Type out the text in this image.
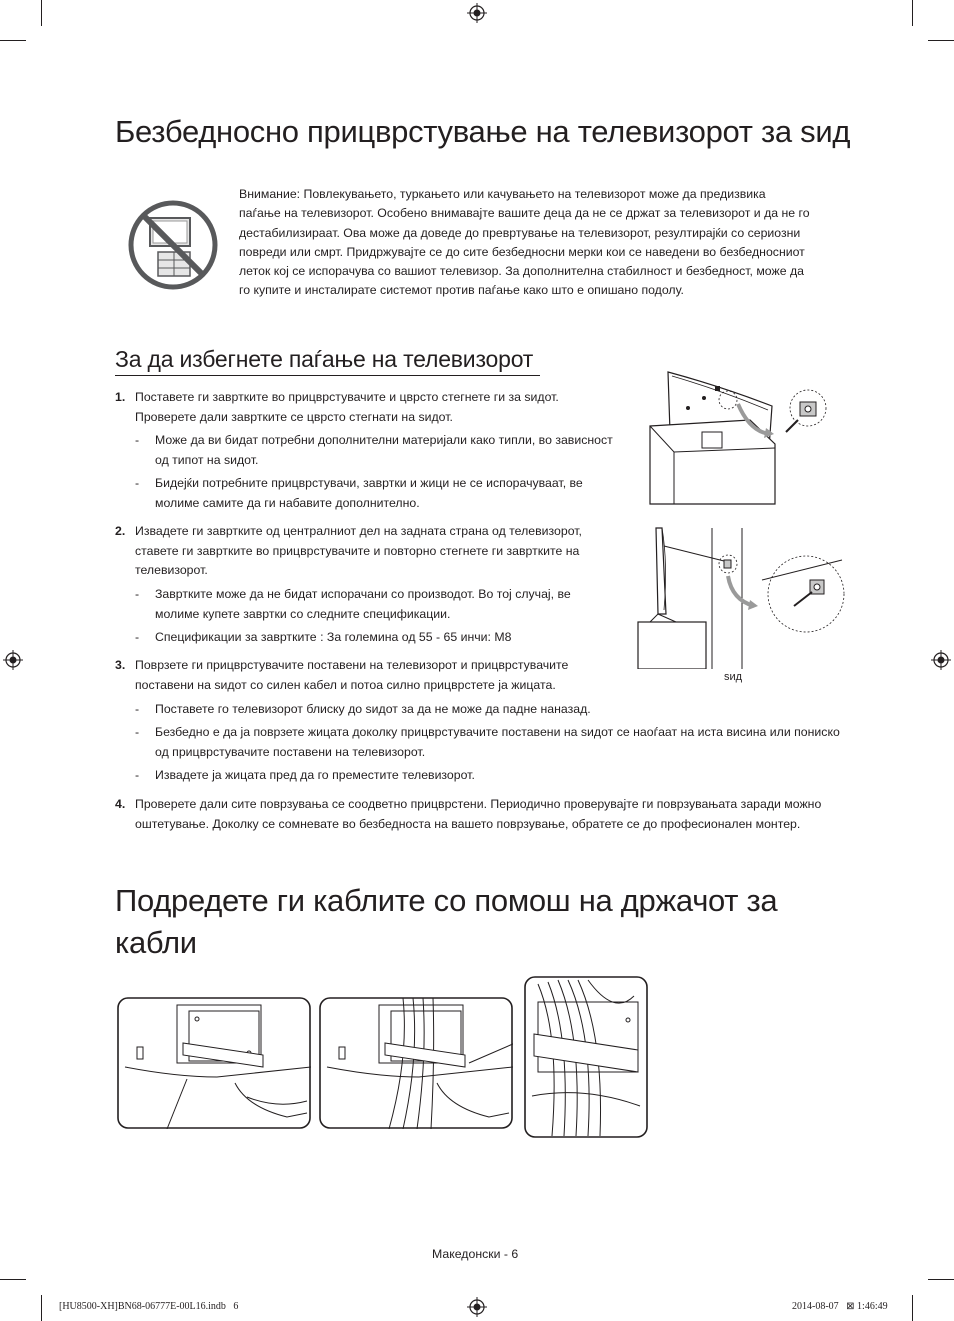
Безбедносно прицврстување на телевизорот за ѕид
Внимание: Повлекувањето, туркањето или качувањето на телевизорот може да предизвика
паѓање на телевизорот. Особено внимавајте вашите деца да не се држат за телевизорот и да не го
дестабилизираат. Ова може да доведе до превртување на телевизорот, резултирајќи со сериозни
повреди или смрт. Придржувајте се до сите безбедносни мерки кои се наведени во безбедносниот
леток кој се испорачува со вашиот телевизор. За дополнителна стабилност и безбедност, може да
го купите и инсталирате системот против паѓање како што е опишано подолу.
За да избегнете паѓање на телевизорот
1. Поставете ги завртките во прицврстувачите и цврсто стегнете ги за ѕидот.
Проверете дали завртките се цврсто стегнати на ѕидот.
- Може да ви бидат потребни дополнителни материјали како типли, во зависност
од типот на ѕидот.
- Бидејќи потребните прицврстувачи, завртки и жици не се испорачуваат, ве
молиме самите да ги набавите дополнително.
2. Извадете ги завртките од централниот дел на задната страна од телевизорот,
ставете ги завртките во прицврстувачите и повторно стегнете ги завртките на
телевизорот.
- Завртките може да не бидат испорачани со производот. Во тој случај, ве
молиме купете завртки со следните спецификации.
- Спецификации за завртките : За големина од 55 - 65 инчи: M8
3. Поврзете ги прицврстувачите поставени на телевизорот и прицврстувачите
поставени на ѕидот со силен кабел и потоа силно прицврстете ја жицата.
- Поставете го телевизорот блиску до ѕидот за да не може да падне наназад.
- Безбедно е да ја поврзете жицата доколку прицврстувачите поставени на ѕидот се наоѓаат на иста висина или пониско
од прицврстувачите поставени на телевизорот.
- Извадете ја жицата пред да го преместите телевизорот.
4. Проверете дали сите поврзувања се соодветно прицврстени. Периодично проверувајте ги поврзувањата заради можно
оштетување. Доколку се сомневате во безбедноста на вашето поврзување, обратете се до професионален монтер.
ѕид
Подредете ги каблите со помош на држачот за
кабли
Македонски - 6
[HU8500-XH]BN68-06777E-00L16.indb   6	2014-08-07   ⊠ 1:46:49
